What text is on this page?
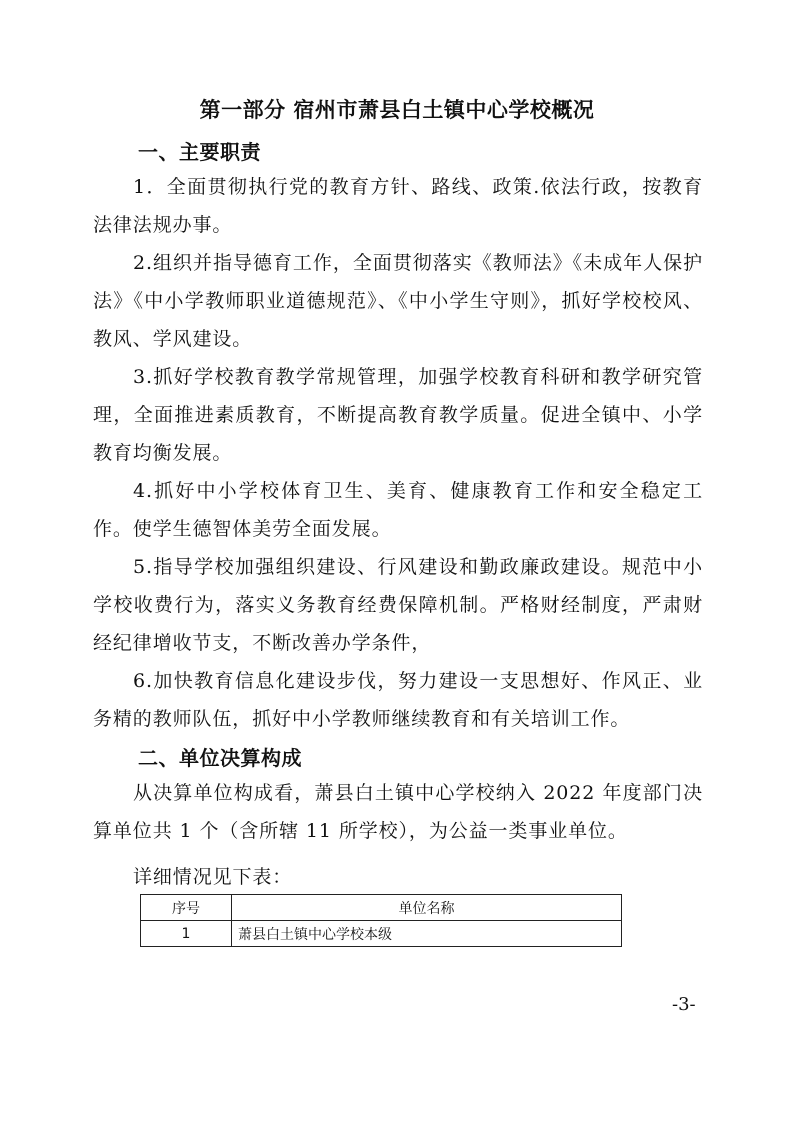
第一部分 宿州市萧县白土镇中心学校概况
一、主要职责
1．全面贯彻执行党的教育方针、路线、政策.依法行政，按教育法律法规办事。
2.组织并指导德育工作，全面贯彻落实《教师法》《未成年人保护法》《中小学教师职业道德规范》、《中小学生守则》，抓好学校校风、教风、学风建设。
3.抓好学校教育教学常规管理，加强学校教育科研和教学研究管理，全面推进素质教育，不断提高教育教学质量。促进全镇中、小学教育均衡发展。
4.抓好中小学校体育卫生、美育、健康教育工作和安全稳定工作。使学生德智体美劳全面发展。
5.指导学校加强组织建设、行风建设和勤政廉政建设。规范中小学校收费行为，落实义务教育经费保障机制。严格财经制度，严肃财经纪律增收节支，不断改善办学条件，
6.加快教育信息化建设步伐，努力建设一支思想好、作风正、业务精的教师队伍，抓好中小学教师继续教育和有关培训工作。
二、单位决算构成
从决算单位构成看，萧县白土镇中心学校纳入 2022 年度部门决算单位共 1 个（含所辖 11 所学校），为公益一类事业单位。
详细情况见下表：
序号	单位名称
1	萧县白土镇中心学校本级
-3-
